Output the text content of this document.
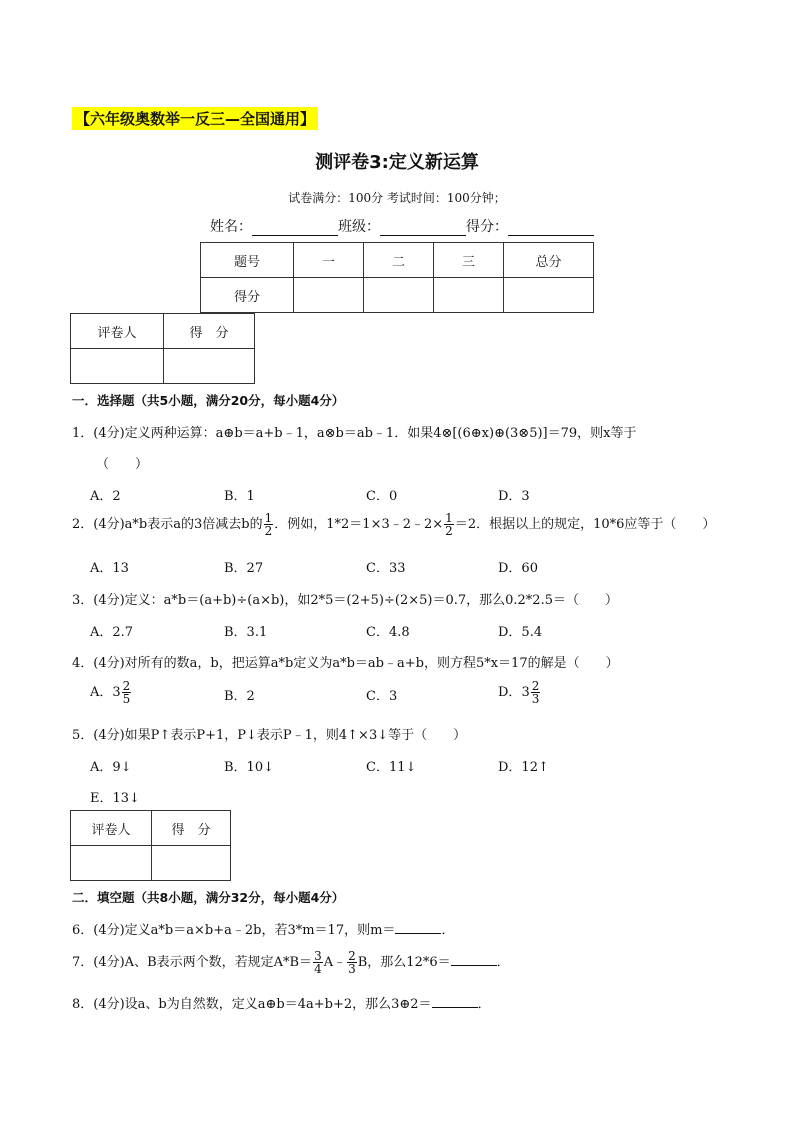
【六年级奥数举一反三—全国通用】
测评卷3:定义新运算
试卷满分：100分 考试时间：100分钟；
姓名：	班级：	得分：
题号	一	二	三	总分
得分				
评卷人	得　分

一．选择题（共5小题，满分20分，每小题4分）
1．(4分)定义两种运算：a⊕b＝a+b﹣1，a⊗b＝ab﹣1．如果4⊗[(6⊕x)⊕(3⊗5)]＝79，则x等于
（　　）
A．2	B．1	C．0	D．3
2．(4分)a*b表示a的3倍减去b的 $\frac{1}{2}$ ．例如，1*2＝1×3﹣2﹣2× $\frac{1}{2} =2$．根据以上的规定，10*6应等于（　　）
A．13	B．27	C．33	D．60
3．(4分)定义：a*b＝(a+b)÷(a×b)，如2*5＝(2+5)÷(2×5)＝0.7，那么0.2*2.5＝（　　）
A．2.7	B．3.1	C．4.8	D．5.4
4．(4分)对所有的数a，b，把运算a*b定义为a*b＝ab﹣a+b，则方程5*x＝17的解是（　　）
A．$3 \frac{2}{5}$	B．2	C．3	D．$3 \frac{2}{3}$
5．(4分)如果P↑表示P+1，P↓表示P﹣1，则4↑×3↓等于（　　）
A．9↓	B．10↓	C．11↓	D．12↑
E．13↓
评卷人	得　分

二．填空题（共8小题，满分32分，每小题4分）
6．(4分)定义a*b＝a×b+a﹣2b，若3*m＝17，则m＝	．
7．(4分)A、B表示两个数，若规定$A*B= \frac{3}{4}$ A﹣ $\frac{2}{3}$ B，那么12*6＝	．
8．(4分)设a、b为自然数，定义a⊕b＝4a+b+2，那么3⊕2＝	．
